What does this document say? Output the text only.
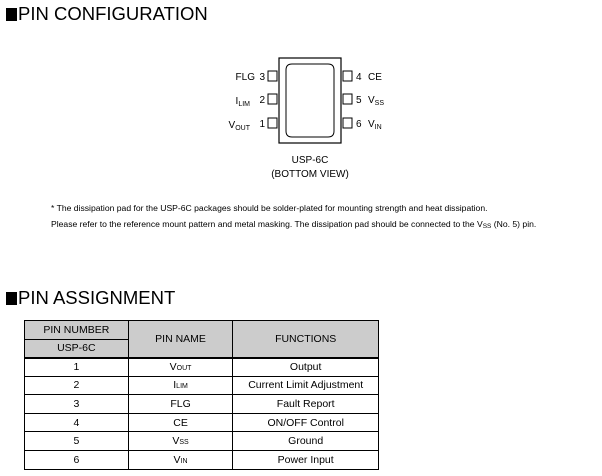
PIN CONFIGURATION
FLG 3
$I_{LIM}$ 2
$V_{OUT}$ 1
4 CE
5 $V_{SS}$
6 $V_{IN}$
USP-6C
(BOTTOM VIEW)
* The dissipation pad for the USP-6C packages should be solder-plated for mounting strength and heat dissipation.
Please refer to the reference mount pattern and metal masking. The dissipation pad should be connected to the $V_{SS}$ (No. 5) pin.
PIN ASSIGNMENT
PIN NUMBER	PIN NAME	FUNCTIONS
USP-6C		
1	VOUT	Output
2	ILIM	Current Limit Adjustment
3	FLG	Fault Report
4	CE	ON/OFF Control
5	VSS	Ground
6	VIN	Power Input
